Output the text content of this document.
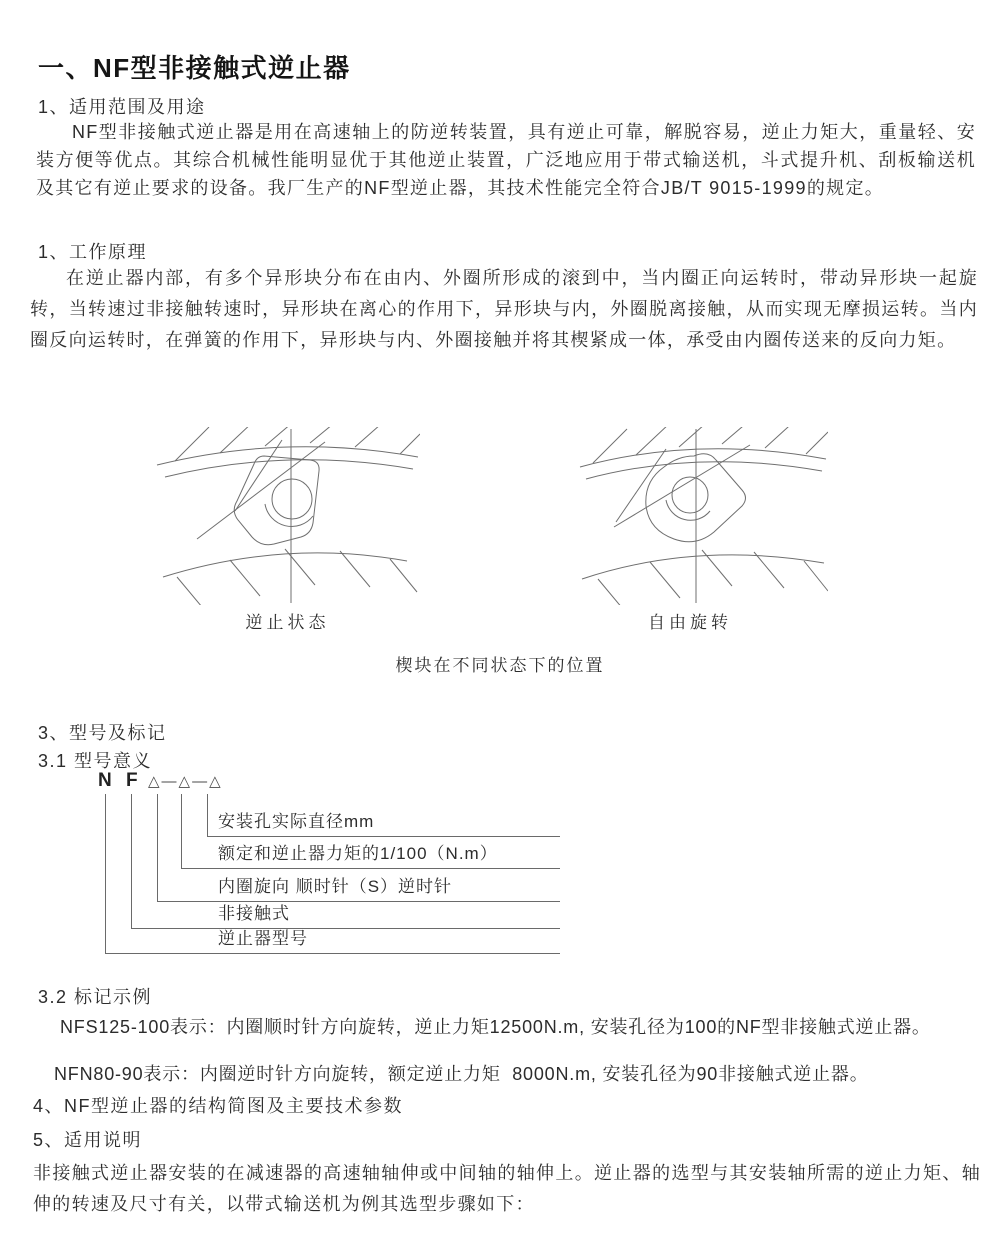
一、NF型非接触式逆止器
1、适用范围及用途
NF型非接触式逆止器是用在高速轴上的防逆转装置，具有逆止可靠，解脱容易，逆止力矩大，重量轻、安装方便等优点。其综合机械性能明显优于其他逆止装置，广泛地应用于带式输送机，斗式提升机、刮板输送机及其它有逆止要求的设备。我厂生产的NF型逆止器，其技术性能完全符合JB/T 9015-1999的规定。
1、工作原理
在逆止器内部，有多个异形块分布在由内、外圈所形成的滚到中，当内圈正向运转时，带动异形块一起旋转，当转速过非接触转速时，异形块在离心的作用下，异形块与内，外圈脱离接触，从而实现无摩损运转。当内圈反向运转时，在弹簧的作用下，异形块与内、外圈接触并将其楔紧成一体，承受由内圈传送来的反向力矩。
逆止状态	自由旋转
楔块在不同状态下的位置
3、型号及标记
3.1 型号意义
N F △—△—△
安装孔实际直径mm
额定和逆止器力矩的1/100（N.m）
内圈旋向 顺时针（S）逆时针
非接触式
逆止器型号
3.2 标记示例
NFS125-100表示：内圈顺时针方向旋转，逆止力矩12500N.m, 安装孔径为100的NF型非接触式逆止器。
NFN80-90表示：内圈逆时针方向旋转，额定逆止力矩  8000N.m, 安装孔径为90非接触式逆止器。
4、NF型逆止器的结构简图及主要技术参数
5、适用说明
非接触式逆止器安装的在减速器的高速轴轴伸或中间轴的轴伸上。逆止器的选型与其安装轴所需的逆止力矩、轴伸的转速及尺寸有关，以带式输送机为例其选型步骤如下：
